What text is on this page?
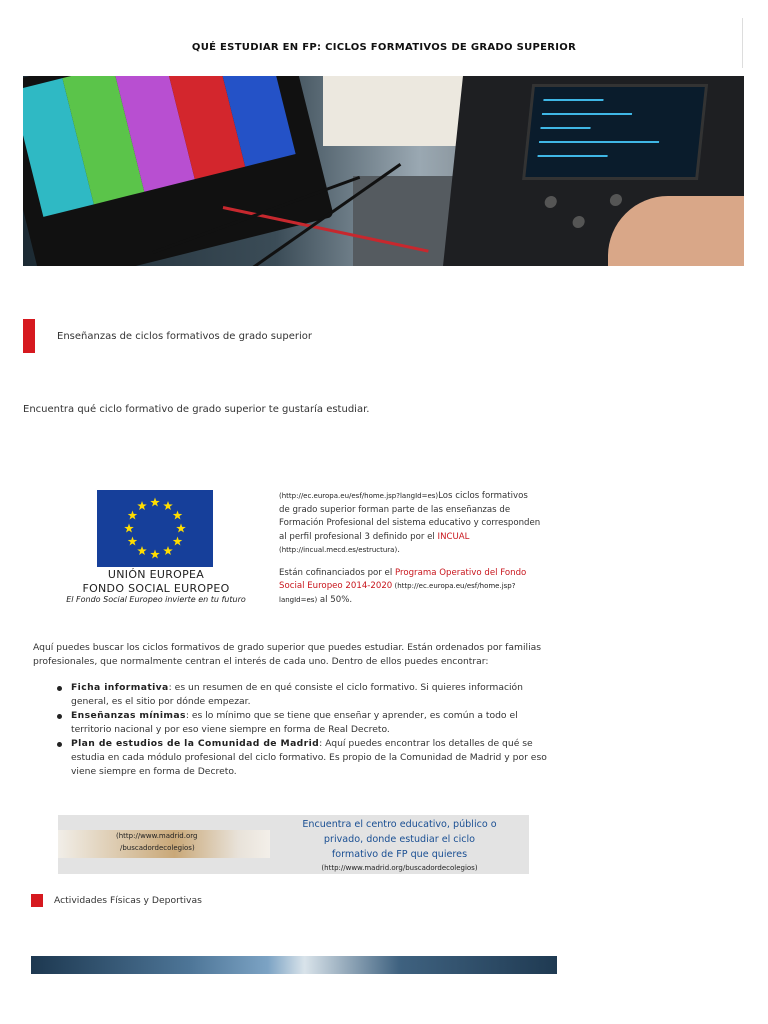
QUÉ ESTUDIAR EN FP: CICLOS FORMATIVOS DE GRADO SUPERIOR
Enseñanzas de ciclos formativos de grado superior
Encuentra qué ciclo formativo de grado superior te gustaría estudiar.
UNIÓN EUROPEA
FONDO SOCIAL EUROPEO
El Fondo Social Europeo invierte en tu futuro

(http://ec.europa.eu/esf/home.jsp?langId=es)Los ciclos formativos de grado superior forman parte de las enseñanzas de Formación Profesional del sistema educativo y corresponden al perfil profesional 3 definido por el INCUAL (http://incual.mecd.es/estructura).

Están cofinanciados por el Programa Operativo del Fondo Social Europeo 2014-2020 (http://ec.europa.eu/esf/home.jsp?langId=es) al 50%.

Aquí puedes buscar los ciclos formativos de grado superior que puedes estudiar. Están ordenados por familias profesionales, que normalmente centran el interés de cada uno. Dentro de ellos puedes encontrar:
Ficha informativa: es un resumen de en qué consiste el ciclo formativo. Si quieres información general, es el sitio por dónde empezar.
Enseñanzas mínimas: es lo mínimo que se tiene que enseñar y aprender, es común a todo el territorio nacional y por eso viene siempre en forma de Real Decreto.
Plan de estudios de la Comunidad de Madrid: Aquí puedes encontrar los detalles de qué se estudia en cada módulo profesional del ciclo formativo. Es propio de la Comunidad de Madrid y por eso viene siempre en forma de Decreto.
(http://www.madrid.org
/buscadordecolegios)
Encuentra el centro educativo, público o
privado, donde estudiar el ciclo
formativo de FP que quieres
(http://www.madrid.org/buscadordecolegios)
Actividades Físicas y Deportivas
